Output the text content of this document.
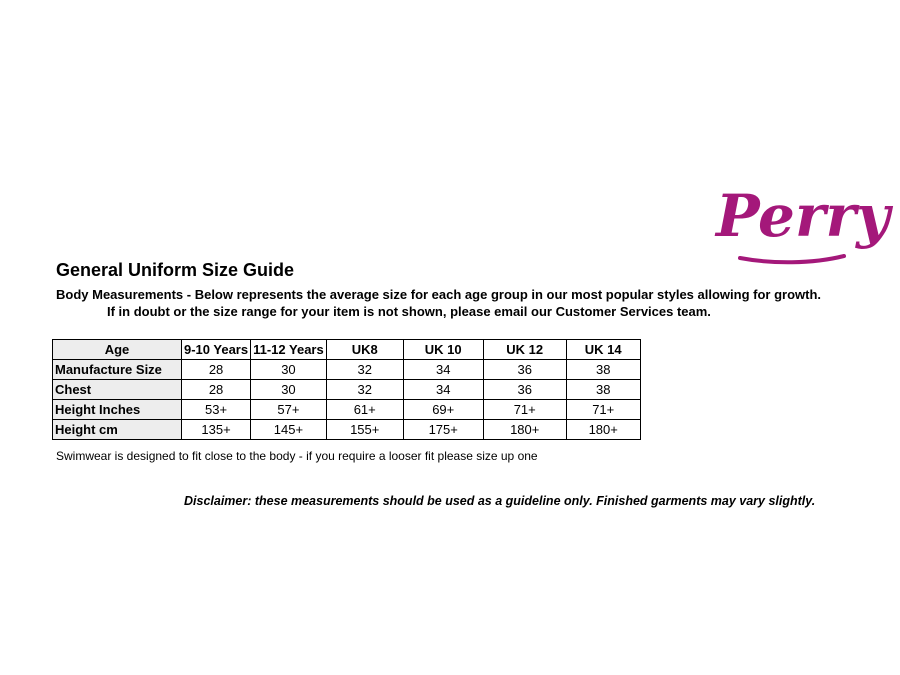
Perry
General Uniform Size Guide
Body Measurements - Below represents the average size for each age group in our most popular styles allowing for growth.
If in doubt or the size range for your item is not shown, please email our Customer Services team.
Age	9-10 Years	11-12 Years	UK8	UK 10	UK 12	UK 14
Manufacture Size	28	30	32	34	36	38
Chest	28	30	32	34	36	38
Height Inches	53+	57+	61+	69+	71+	71+
Height cm	135+	145+	155+	175+	180+	180+
Swimwear is designed to fit close to the body - if you require a looser fit please size up one
Disclaimer: these measurements should be used as a guideline only. Finished garments may vary slightly.
